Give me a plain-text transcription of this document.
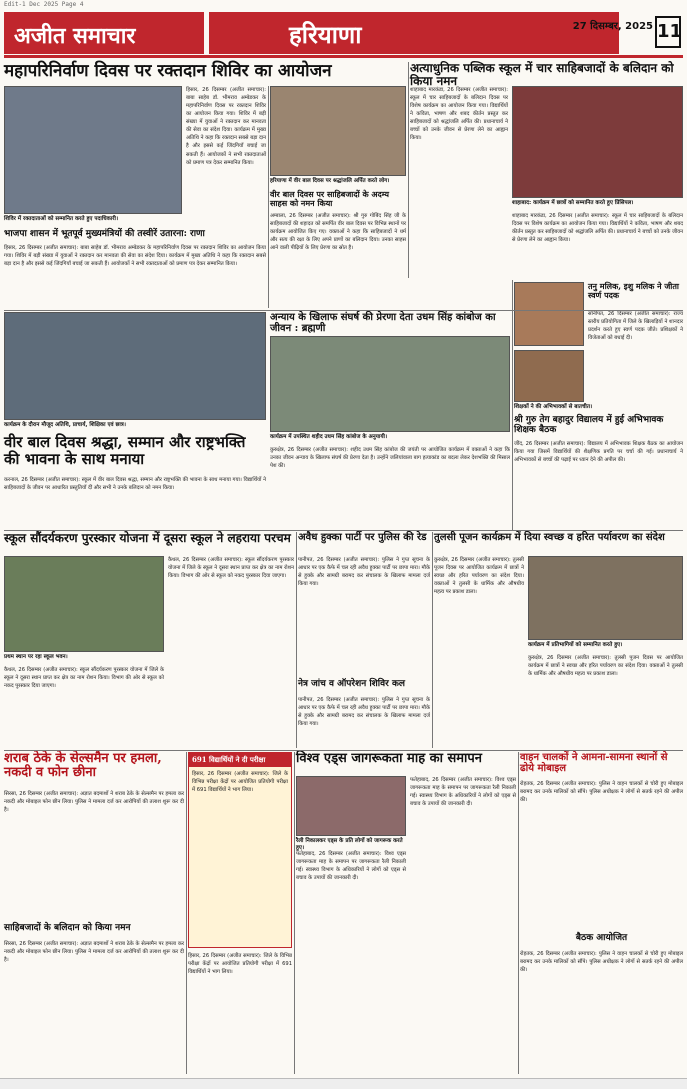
Edit-1 Dec 2025 Page 4
अजीत समाचार	हरियाणा	27 दिसम्बर, 2025 11
महापरिनिर्वाण दिवस पर रक्तदान शिविर का आयोजन
शिविर में रक्तदाताओं को सम्मानित करते हुए पदाधिकारी।
हिसार, 26 दिसम्बर (अजीत समाचार): बाबा साहेब डॉ. भीमराव अम्बेडकर के महापरिनिर्वाण दिवस पर रक्तदान शिविर का आयोजन किया गया। शिविर में बड़ी संख्या में युवाओं ने रक्तदान कर मानवता की सेवा का संदेश दिया। कार्यक्रम में मुख्य अतिथि ने कहा कि रक्तदान सबसे बड़ा दान है और इससे कई जिंदगियाँ बचाई जा सकती हैं। आयोजकों ने सभी रक्तदाताओं को प्रमाण पत्र देकर सम्मानित किया।
भाजपा शासन में भूतपूर्व मुख्यमंत्रियों की तस्वीरें उतारना: राणा
हिसार, 26 दिसम्बर (अजीत समाचार): बाबा साहेब डॉ. भीमराव अम्बेडकर के महापरिनिर्वाण दिवस पर रक्तदान शिविर का आयोजन किया गया। शिविर में बड़ी संख्या में युवाओं ने रक्तदान कर मानवता की सेवा का संदेश दिया। कार्यक्रम में मुख्य अतिथि ने कहा कि रक्तदान सबसे बड़ा दान है और इससे कई जिंदगियाँ बचाई जा सकती हैं। आयोजकों ने सभी रक्तदाताओं को प्रमाण पत्र देकर सम्मानित किया।
हरियाणा में वीर बाल दिवस पर श्रद्धांजलि अर्पित करते लोग।
वीर बाल दिवस पर साहिबजादों के अदम्य साहस को नमन किया
अम्बाला, 26 दिसम्बर (अजीत समाचार): श्री गुरु गोबिंद सिंह जी के साहिबजादों की शहादत को समर्पित वीर बाल दिवस पर विभिन्न स्थानों पर कार्यक्रम आयोजित किए गए। वक्ताओं ने कहा कि साहिबजादों ने धर्म और सत्य की रक्षा के लिए अपने प्राणों का बलिदान दिया। उनका साहस आने वाली पीढ़ियों के लिए प्रेरणा का स्रोत है।
अत्याधुनिक पब्लिक स्कूल में चार साहिबजादों के बलिदान को किया नमन
शाहाबाद मारकंडा, 26 दिसम्बर (अजीत समाचार): स्कूल में चार साहिबजादों के बलिदान दिवस पर विशेष कार्यक्रम का आयोजन किया गया। विद्यार्थियों ने कविता, भाषण और शबद कीर्तन प्रस्तुत कर साहिबजादों को श्रद्धांजलि अर्पित की। प्रधानाचार्य ने बच्चों को उनके जीवन से प्रेरणा लेने का आह्वान किया।
शाहाबाद: कार्यक्रम में छात्रों को सम्मानित करते हुए प्रिंसिपल।
शाहाबाद मारकंडा, 26 दिसम्बर (अजीत समाचार): स्कूल में चार साहिबजादों के बलिदान दिवस पर विशेष कार्यक्रम का आयोजन किया गया। विद्यार्थियों ने कविता, भाषण और शबद कीर्तन प्रस्तुत कर साहिबजादों को श्रद्धांजलि अर्पित की। प्रधानाचार्य ने बच्चों को उनके जीवन से प्रेरणा लेने का आह्वान किया।
अन्याय के खिलाफ संघर्ष की प्रेरणा देता उधम सिंह कांबोज का जीवन : ब्रह्मणी
कार्यक्रम में उपस्थित शहीद उधम सिंह कांबोज के अनुयायी।
कुरुक्षेत्र, 26 दिसम्बर (अजीत समाचार): शहीद उधम सिंह कांबोज की जयंती पर आयोजित कार्यक्रम में वक्ताओं ने कहा कि उनका जीवन अन्याय के खिलाफ संघर्ष की प्रेरणा देता है। उन्होंने जलियांवाला बाग हत्याकांड का बदला लेकर देशभक्ति की मिसाल पेश की।
कार्यक्रम के दौरान मौजूद अतिथि, प्राचार्य, शिक्षिका एवं छात्र।
वीर बाल दिवस श्रद्धा, सम्मान और राष्ट्रभक्ति की भावना के साथ मनाया
करनाल, 26 दिसम्बर (अजीत समाचार): स्कूल में वीर बाल दिवस श्रद्धा, सम्मान और राष्ट्रभक्ति की भावना के साथ मनाया गया। विद्यार्थियों ने साहिबजादों के जीवन पर आधारित प्रस्तुतियाँ दीं और सभी ने उनके बलिदान को नमन किया।
तनु मलिक, इशु मलिक ने जीता स्वर्ण पदक
सोनीपत, 26 दिसम्बर (अजीत समाचार): राज्य स्तरीय प्रतियोगिता में जिले के खिलाड़ियों ने शानदार प्रदर्शन करते हुए स्वर्ण पदक जीते। प्रशिक्षकों ने विजेताओं को बधाई दी।
शिक्षकों ने की अभिभावकों से बातचीत।
श्री गुरु तेग बहादुर विद्यालय में हुई अभिभावक शिक्षक बैठक
जींद, 26 दिसम्बर (अजीत समाचार): विद्यालय में अभिभावक शिक्षक बैठक का आयोजन किया गया जिसमें विद्यार्थियों की शैक्षणिक प्रगति पर चर्चा की गई। प्रधानाचार्य ने अभिभावकों से बच्चों की पढ़ाई पर ध्यान देने की अपील की।
स्कूल सौंदर्यकरण पुरस्कार योजना में दूसरा स्कूल ने लहराया परचम
प्रथम स्थान पर रहा स्कूल भवन।
कैथल, 26 दिसम्बर (अजीत समाचार): स्कूल सौंदर्यकरण पुरस्कार योजना में जिले के स्कूल ने दूसरा स्थान प्राप्त कर क्षेत्र का नाम रोशन किया। विभाग की ओर से स्कूल को नकद पुरस्कार दिया जाएगा।
कैथल, 26 दिसम्बर (अजीत समाचार): स्कूल सौंदर्यकरण पुरस्कार योजना में जिले के स्कूल ने दूसरा स्थान प्राप्त कर क्षेत्र का नाम रोशन किया। विभाग की ओर से स्कूल को नकद पुरस्कार दिया जाएगा।
अवैध हुक्का पार्टी पर पुलिस की रेड
पानीपत, 26 दिसम्बर (अजीत समाचार): पुलिस ने गुप्त सूचना के आधार पर एक कैफे में चल रही अवैध हुक्का पार्टी पर छापा मारा। मौके से हुक्के और सामग्री बरामद कर संचालक के खिलाफ मामला दर्ज किया गया।
नेत्र जांच व ऑपरेशन शिविर कल
पानीपत, 26 दिसम्बर (अजीत समाचार): पुलिस ने गुप्त सूचना के आधार पर एक कैफे में चल रही अवैध हुक्का पार्टी पर छापा मारा। मौके से हुक्के और सामग्री बरामद कर संचालक के खिलाफ मामला दर्ज किया गया।
तुलसी पूजन कार्यक्रम में दिया स्वच्छ व हरित पर्यावरण का संदेश
कुरुक्षेत्र, 26 दिसम्बर (अजीत समाचार): तुलसी पूजन दिवस पर आयोजित कार्यक्रम में छात्रों ने स्वच्छ और हरित पर्यावरण का संदेश दिया। वक्ताओं ने तुलसी के धार्मिक और औषधीय महत्व पर प्रकाश डाला।
कार्यक्रम में प्रतिभागियों को सम्मानित करते हुए।
कुरुक्षेत्र, 26 दिसम्बर (अजीत समाचार): तुलसी पूजन दिवस पर आयोजित कार्यक्रम में छात्रों ने स्वच्छ और हरित पर्यावरण का संदेश दिया। वक्ताओं ने तुलसी के धार्मिक और औषधीय महत्व पर प्रकाश डाला।
शराब ठेके के सेल्समैन पर हमला, नकदी व फोन छीना
सिरसा, 26 दिसम्बर (अजीत समाचार): अज्ञात बदमाशों ने शराब ठेके के सेल्समैन पर हमला कर नकदी और मोबाइल फोन छीन लिया। पुलिस ने मामला दर्ज कर आरोपियों की तलाश शुरू कर दी है।
साहिबजादों के बलिदान को किया नमन
सिरसा, 26 दिसम्बर (अजीत समाचार): अज्ञात बदमाशों ने शराब ठेके के सेल्समैन पर हमला कर नकदी और मोबाइल फोन छीन लिया। पुलिस ने मामला दर्ज कर आरोपियों की तलाश शुरू कर दी है।
691 विद्यार्थियों ने दी परीक्षा
हिसार, 26 दिसम्बर (अजीत समाचार): जिले के विभिन्न परीक्षा केंद्रों पर आयोजित प्रतियोगी परीक्षा में 691 विद्यार्थियों ने भाग लिया।
हिसार, 26 दिसम्बर (अजीत समाचार): जिले के विभिन्न परीक्षा केंद्रों पर आयोजित प्रतियोगी परीक्षा में 691 विद्यार्थियों ने भाग लिया।
विश्व एड्स जागरूकता माह का समापन
रैली निकालकर एड्स के प्रति लोगों को जागरूक करते हुए।
फतेहाबाद, 26 दिसम्बर (अजीत समाचार): विश्व एड्स जागरूकता माह के समापन पर जागरूकता रैली निकाली गई। स्वास्थ्य विभाग के अधिकारियों ने लोगों को एड्स से बचाव के उपायों की जानकारी दी।
फतेहाबाद, 26 दिसम्बर (अजीत समाचार): विश्व एड्स जागरूकता माह के समापन पर जागरूकता रैली निकाली गई। स्वास्थ्य विभाग के अधिकारियों ने लोगों को एड्स से बचाव के उपायों की जानकारी दी।
वाहन चालकों ने आमना-सामना स्थानों से ढोये मोबाइल
रोहतक, 26 दिसम्बर (अजीत समाचार): पुलिस ने वाहन चालकों से चोरी हुए मोबाइल बरामद कर उनके मालिकों को सौंपे। पुलिस अधीक्षक ने लोगों से सतर्क रहने की अपील की।
बैठक आयोजित
रोहतक, 26 दिसम्बर (अजीत समाचार): पुलिस ने वाहन चालकों से चोरी हुए मोबाइल बरामद कर उनके मालिकों को सौंपे। पुलिस अधीक्षक ने लोगों से सतर्क रहने की अपील की।
